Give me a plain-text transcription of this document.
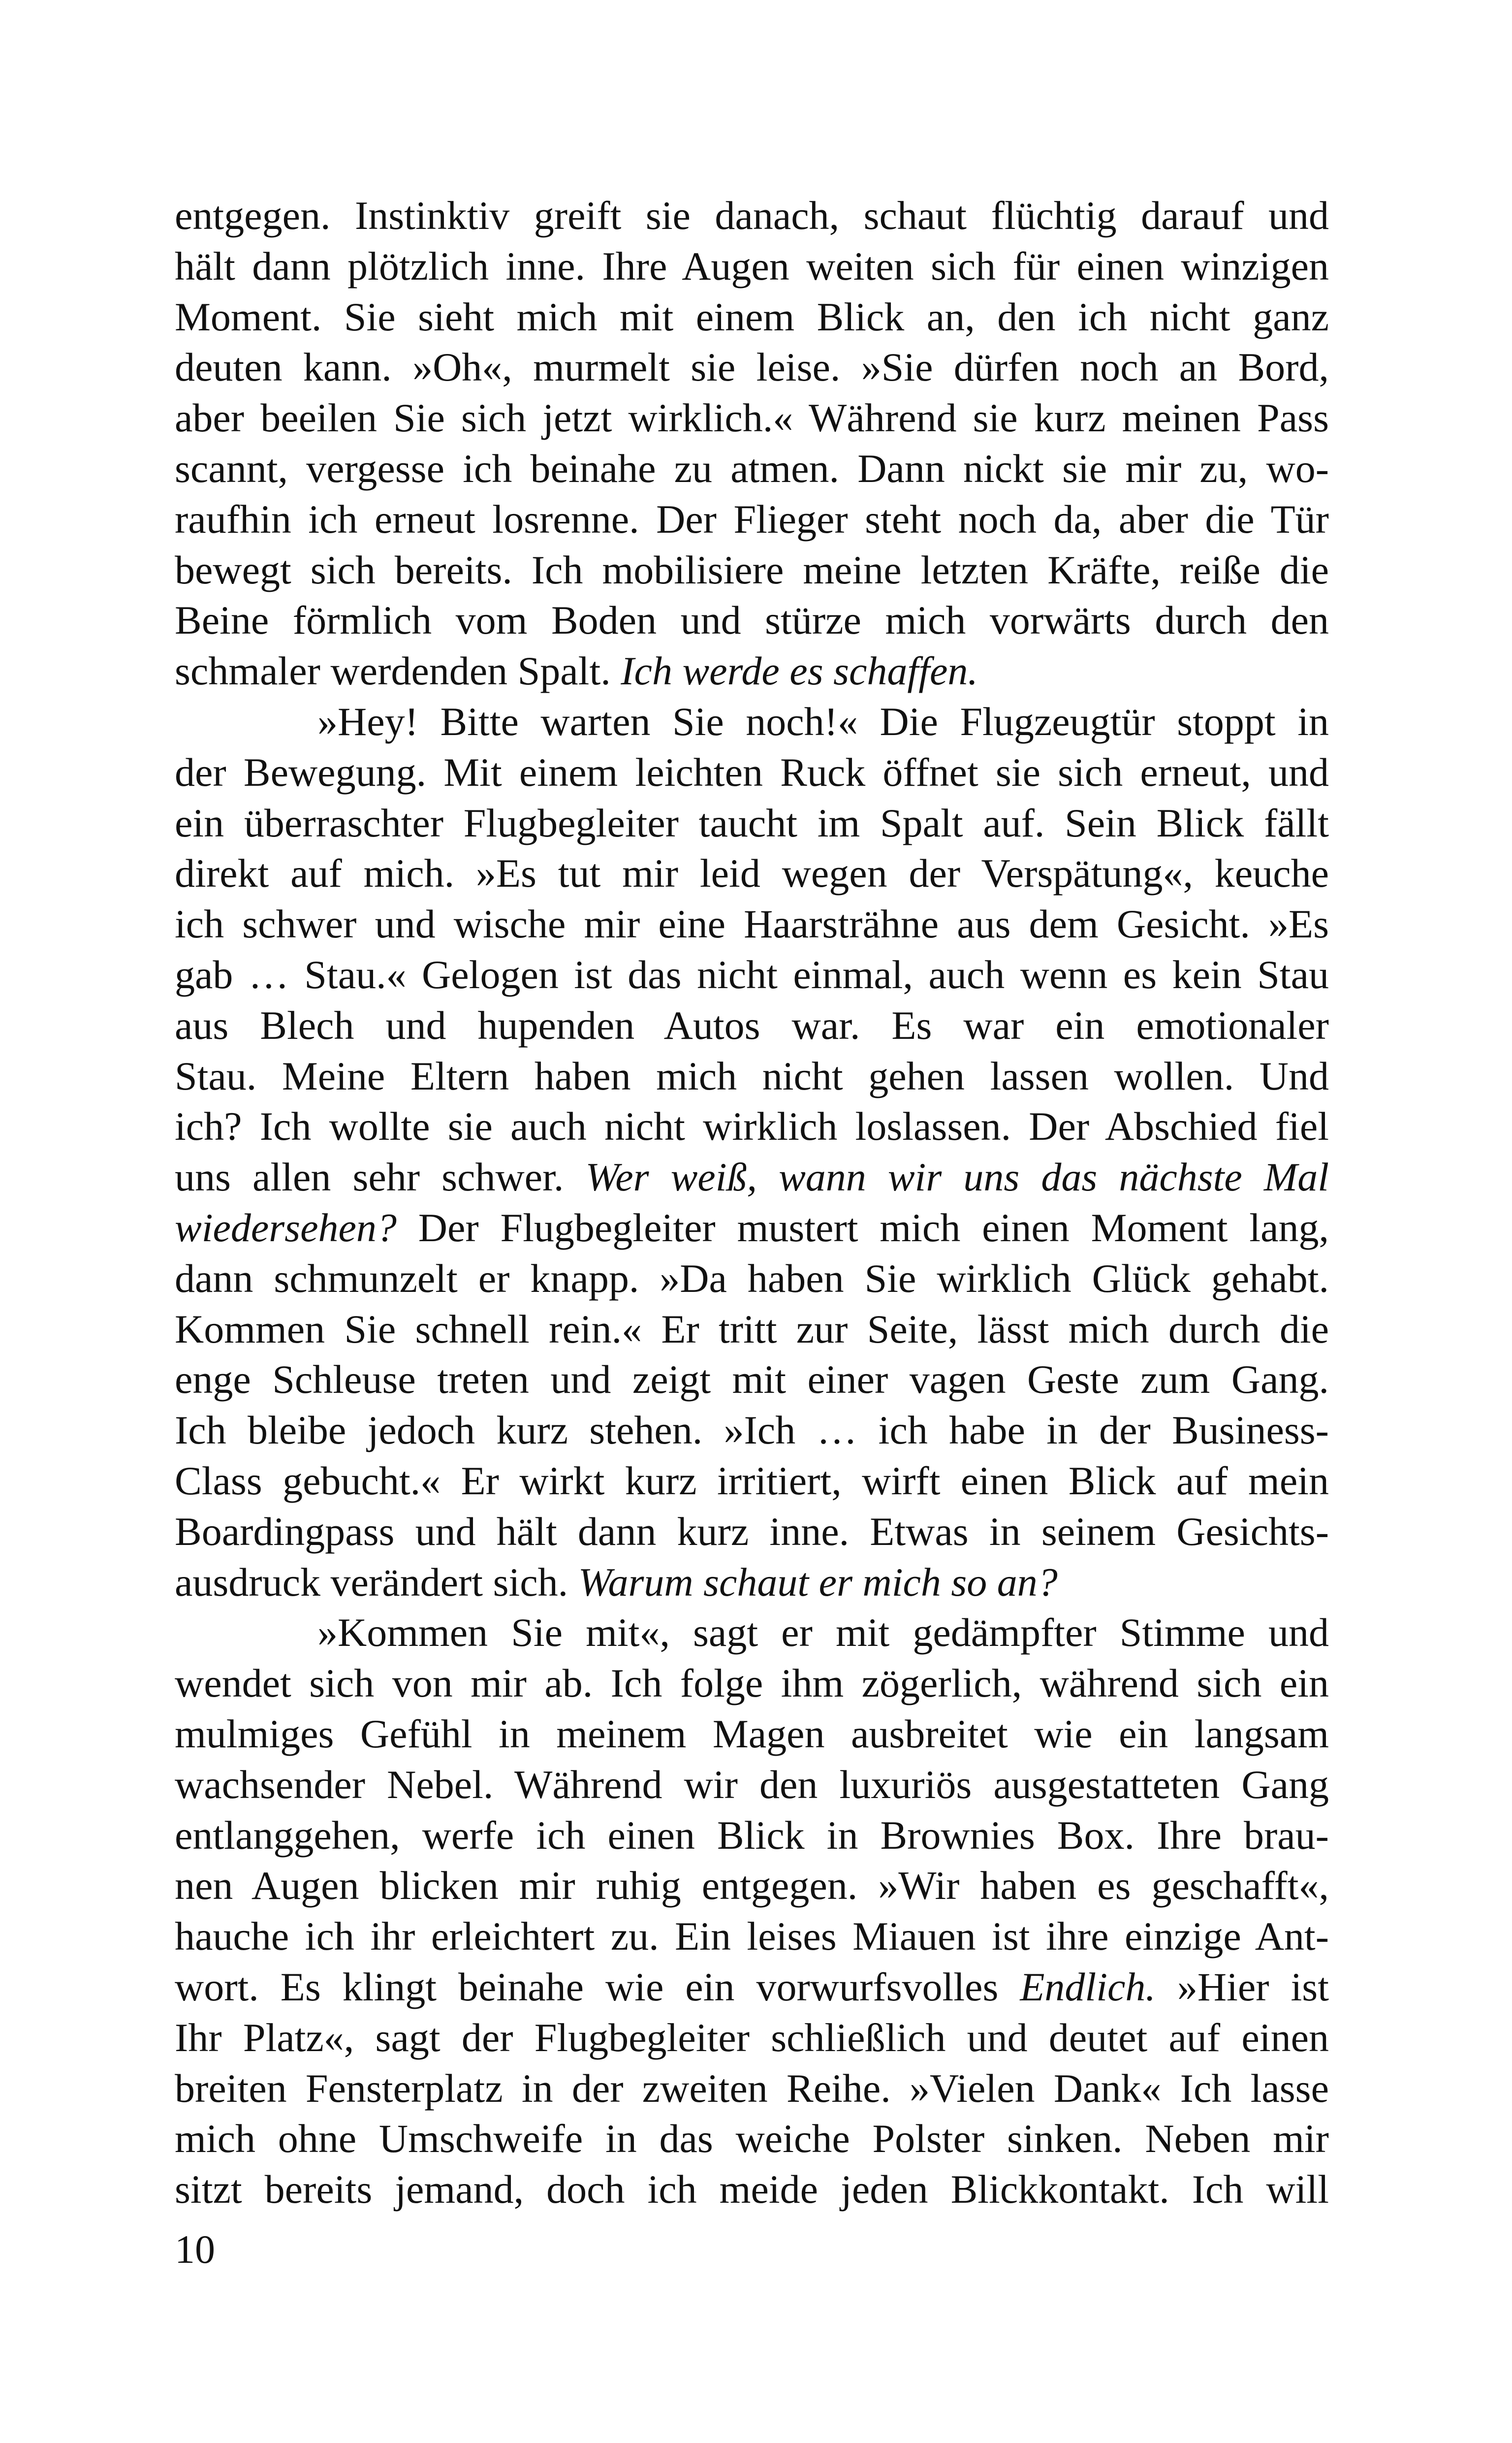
entgegen. Instinktiv greift sie danach, schaut flüchtig darauf und
hält dann plötzlich inne. Ihre Augen weiten sich für einen winzigen
Moment. Sie sieht mich mit einem Blick an, den ich nicht ganz
deuten kann. »Oh«, murmelt sie leise. »Sie dürfen noch an Bord,
aber beeilen Sie sich jetzt wirklich.« Während sie kurz meinen Pass
scannt, vergesse ich beinahe zu atmen. Dann nickt sie mir zu, wo-
raufhin ich erneut losrenne. Der Flieger steht noch da, aber die Tür
bewegt sich bereits. Ich mobilisiere meine letzten Kräfte, reiße die
Beine förmlich vom Boden und stürze mich vorwärts durch den
schmaler werdenden Spalt. Ich werde es schaffen.
»Hey! Bitte warten Sie noch!« Die Flugzeugtür stoppt in
der Bewegung. Mit einem leichten Ruck öffnet sie sich erneut, und
ein überraschter Flugbegleiter taucht im Spalt auf. Sein Blick fällt
direkt auf mich. »Es tut mir leid wegen der Verspätung«, keuche
ich schwer und wische mir eine Haarsträhne aus dem Gesicht. »Es
gab … Stau.« Gelogen ist das nicht einmal, auch wenn es kein Stau
aus Blech und hupenden Autos war. Es war ein emotionaler
Stau. Meine Eltern haben mich nicht gehen lassen wollen. Und
ich? Ich wollte sie auch nicht wirklich loslassen. Der Abschied fiel
uns allen sehr schwer. Wer weiß, wann wir uns das nächste Mal
wiedersehen? Der Flugbegleiter mustert mich einen Moment lang,
dann schmunzelt er knapp. »Da haben Sie wirklich Glück gehabt.
Kommen Sie schnell rein.« Er tritt zur Seite, lässt mich durch die
enge Schleuse treten und zeigt mit einer vagen Geste zum Gang.
Ich bleibe jedoch kurz stehen. »Ich … ich habe in der Business-
Class gebucht.« Er wirkt kurz irritiert, wirft einen Blick auf mein
Boardingpass und hält dann kurz inne. Etwas in seinem Gesichts-
ausdruck verändert sich. Warum schaut er mich so an?
»Kommen Sie mit«, sagt er mit gedämpfter Stimme und
wendet sich von mir ab. Ich folge ihm zögerlich, während sich ein
mulmiges Gefühl in meinem Magen ausbreitet wie ein langsam
wachsender Nebel. Während wir den luxuriös ausgestatteten Gang
entlanggehen, werfe ich einen Blick in Brownies Box. Ihre brau-
nen Augen blicken mir ruhig entgegen. »Wir haben es geschafft«,
hauche ich ihr erleichtert zu. Ein leises Miauen ist ihre einzige Ant-
wort. Es klingt beinahe wie ein vorwurfsvolles Endlich. »Hier ist
Ihr Platz«, sagt der Flugbegleiter schließlich und deutet auf einen
breiten Fensterplatz in der zweiten Reihe. »Vielen Dank« Ich lasse
mich ohne Umschweife in das weiche Polster sinken. Neben mir
sitzt bereits jemand, doch ich meide jeden Blickkontakt. Ich will
10
